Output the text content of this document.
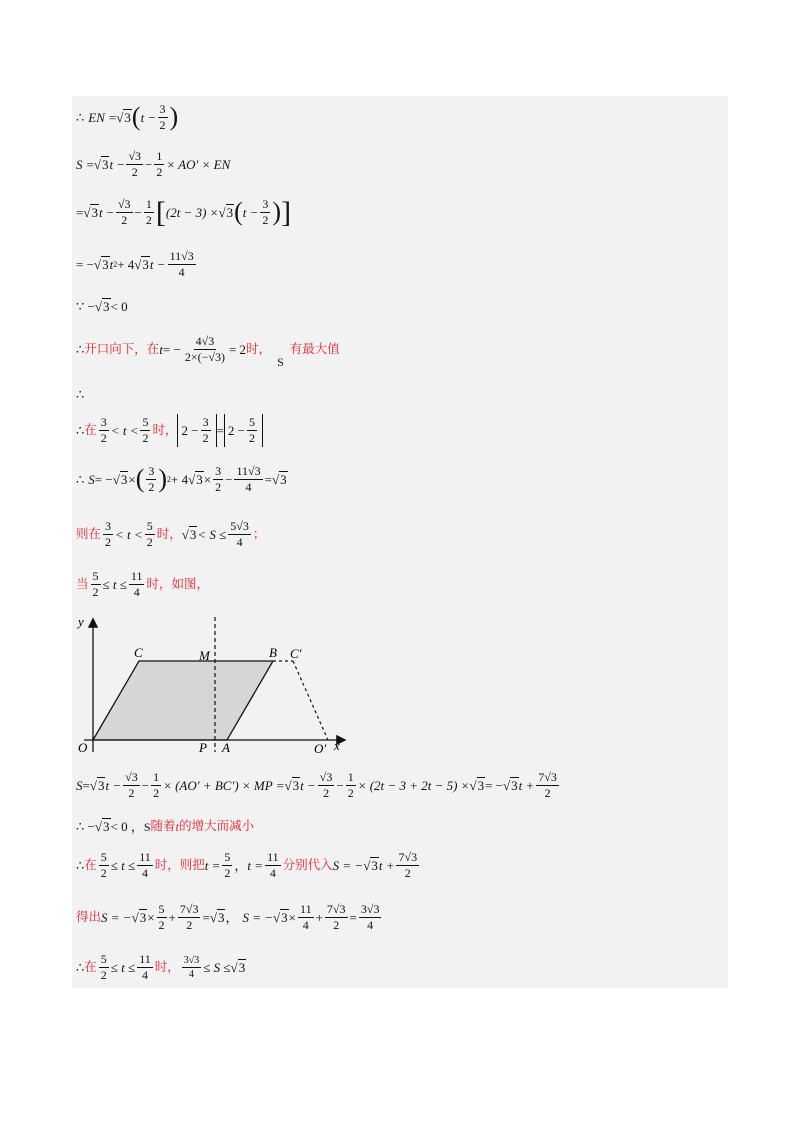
∴ EN = √3 ( $t - \frac{3}{2}$ )
S = √3 $t - \frac{√3}{2} - \frac{1}{2} \times AO'$ × EN
= √3 $t - \frac{√3}{2} - \frac{1}{2}$ [ (2t − 3) × √3 ( $t - \frac{3}{2}$ ) ]
= − √3 t 2 + 4 √3 $t - \frac{11√3}{4}$
∵ − √3 < 0
∴ 开口向下，在 t = − $\frac{4√3}{2\times(-√3)} = 2$ 时，
S
有最大值
∴
∴ 在 $\frac{3}{2} < t < \frac{5}{2}$ 时， $2 - \frac{3}{2} = 2 - \frac{5}{2}$
∴ S = − √3 × ( $\frac{3}{2}$ ) 2 + 4 $√3 \times \frac{3}{2} - \frac{11√3}{4} = √3$
则在 $\frac{3}{2} < t < \frac{5}{2}$ 时， $√3 < S \le \frac{5√3}{4}$ ；
当 $\frac{5}{2} \le t \le \frac{11}{4}$ 时，如图，
y
x
C	M	B C′
O	P A	O′
S = √3 $t - \frac{√3}{2} - \frac{1}{2} \times (AO' + BC')$ × MP = √3 $t - \frac{√3}{2} - \frac{1}{2} \times (2t - 3 + 2t - 5) \times √3$ = − √3 $t + \frac{7√3}{2}$
∴ − √3 < 0 ， S 随着 t 的增大而减小
∴ 在 $\frac{5}{2} \le t \le \frac{11}{4}$ 时，则把 $t = \frac{5}{2}$ ， $t = \frac{11}{4}$ 分别代入 S = − √3 $t + \frac{7√3}{2}$
得出 S = − $√3 \times \frac{5}{2} + \frac{7√3}{2} = √3$ ， S = − $√3 \times \frac{11}{4} + \frac{7√3}{2} = \frac{3√3}{4}$
∴ 在 $\frac{5}{2} \le t \le \frac{11}{4}$ 时， $\frac{3√3}{4} \le S \le √3$
